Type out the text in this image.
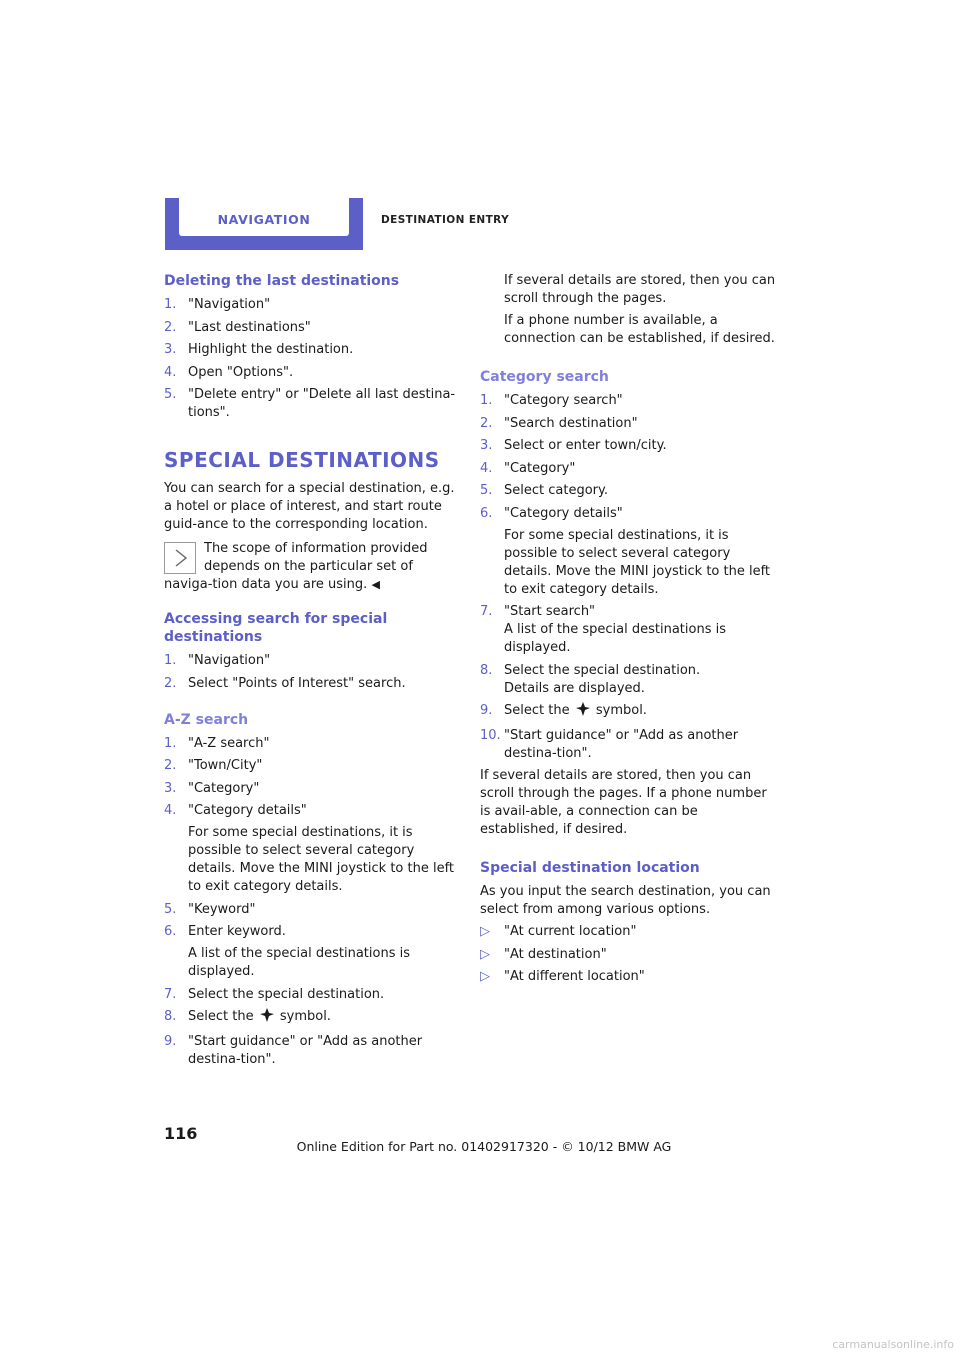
NAVIGATION	DESTINATION ENTRY
Deleting the last destinations
1. "Navigation"
2. "Last destinations"
3. Highlight the destination.
4. Open "Options".
5. "Delete entry" or "Delete all last destina-tions".
SPECIAL DESTINATIONS

You can search for a special destination, e.g. a hotel or place of interest, and start route guid-ance to the corresponding location.

The scope of information provided depends on the particular set of naviga-tion data you are using. ◀
Accessing search for special destinations
1. "Navigation"
2. Select "Points of Interest" search.
A-Z search
1. "A-Z search"
2. "Town/City"
3. "Category"
4. "Category details"
For some special destinations, it is possible to select several category details. Move the MINI joystick to the left to exit category details.
5. "Keyword"
6. Enter keyword.
A list of the special destinations is displayed.
7. Select the special destination.
8. Select the symbol.
9. "Start guidance" or "Add as another destina-tion".

If several details are stored, then you can scroll through the pages.

If a phone number is available, a connection can be established, if desired.

Category search
1. "Category search"
2. "Search destination"
3. Select or enter town/city.
4. "Category"
5. Select category.
6. "Category details"
For some special destinations, it is possible to select several category details. Move the MINI joystick to the left to exit category details.
7. "Start search"
A list of the special destinations is displayed.
8. Select the special destination.
Details are displayed.
9. Select the symbol.
10. "Start guidance" or "Add as another destina-tion".

If several details are stored, then you can scroll through the pages. If a phone number is avail-able, a connection can be established, if desired.

Special destination location

As you input the search destination, you can select from among various options.

▷ "At current location"
▷ "At destination"
▷ "At different location"
116
Online Edition for Part no. 01402917320 - © 10/12 BMW AG
carmanualsonline.info
